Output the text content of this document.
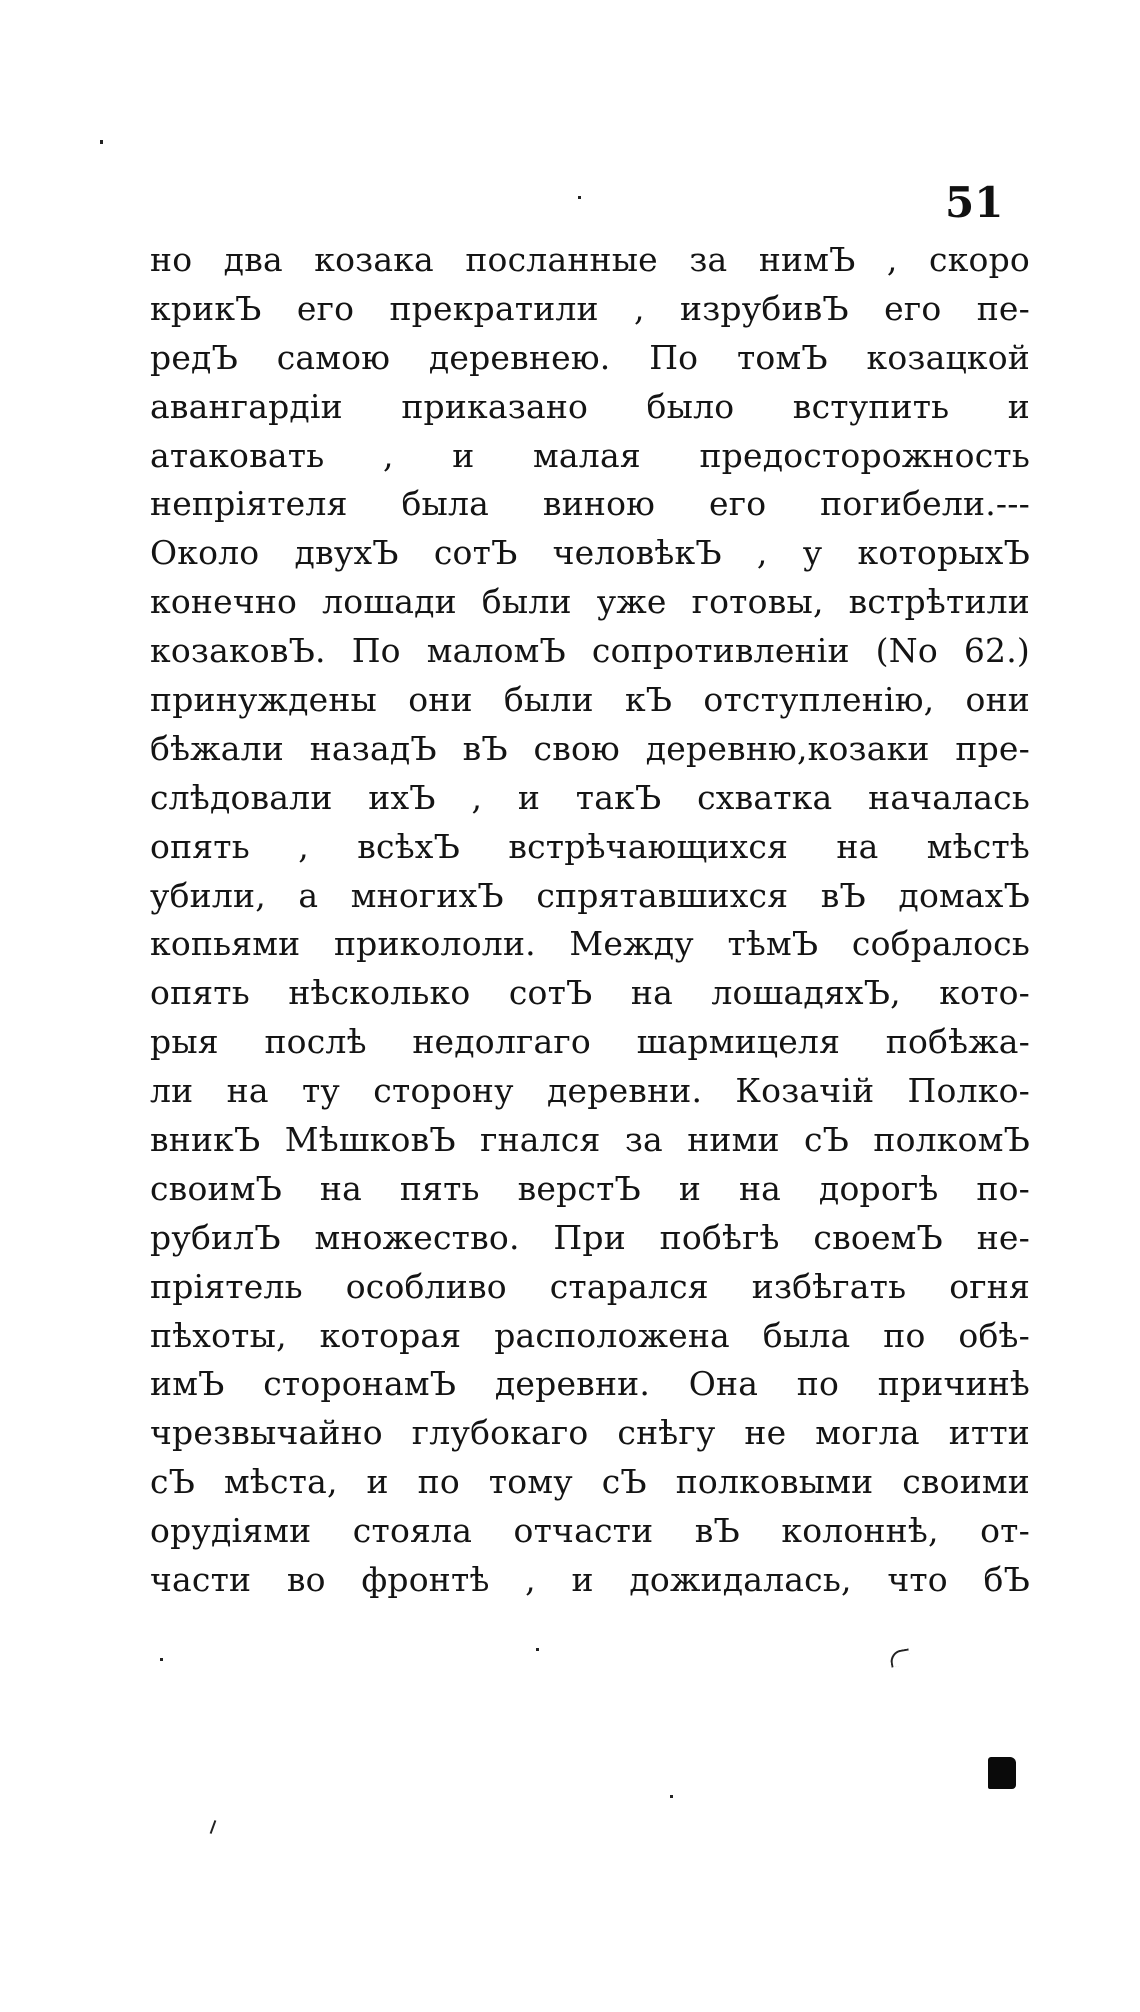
51
но два козака посланные за нимЪ , скоро
крикЪ его прекратили , изрубивЪ его пе-
редЪ самою деревнею. По томЪ козацкой
авангардіи приказано было вступить и
атаковать , и малая предосторожность
непріятеля была виною его погибели.---
Около двухЪ сотЪ человѣкЪ , у которыхЪ
конечно лошади были уже готовы, встрѣтили
козаковЪ. По маломЪ сопротивленіи (No 62.)
принуждены они были кЪ отступленію, они
бѣжали назадЪ вЪ свою деревню,козаки пре-
слѣдовали ихЪ , и такЪ схватка началась
опять , всѣхЪ встрѣчающихся на мѣстѣ
убили, а многихЪ спрятавшихся вЪ домахЪ
копьями прикололи. Между тѣмЪ собралось
опять нѣсколько сотЪ на лошадяхЪ, кото-
рыя послѣ недолгаго шармицеля побѣжа-
ли на ту сторону деревни. Козачій Полко-
вникЪ МѣшковЪ гнался за ними сЪ полкомЪ
своимЪ на пять верстЪ и на дорогѣ по-
рубилЪ множество. При побѣгѣ своемЪ не-
пріятель особливо старался избѣгать огня
пѣхоты, которая расположена была по обѣ-
имЪ сторонамЪ деревни. Она по причинѣ
чрезвычайно глубокаго снѣгу не могла итти
сЪ мѣста, и по тому сЪ полковыми своими
орудіями стояла отчасти вЪ колоннѣ, от-
части во фронтѣ , и дожидалась, что бЪ
